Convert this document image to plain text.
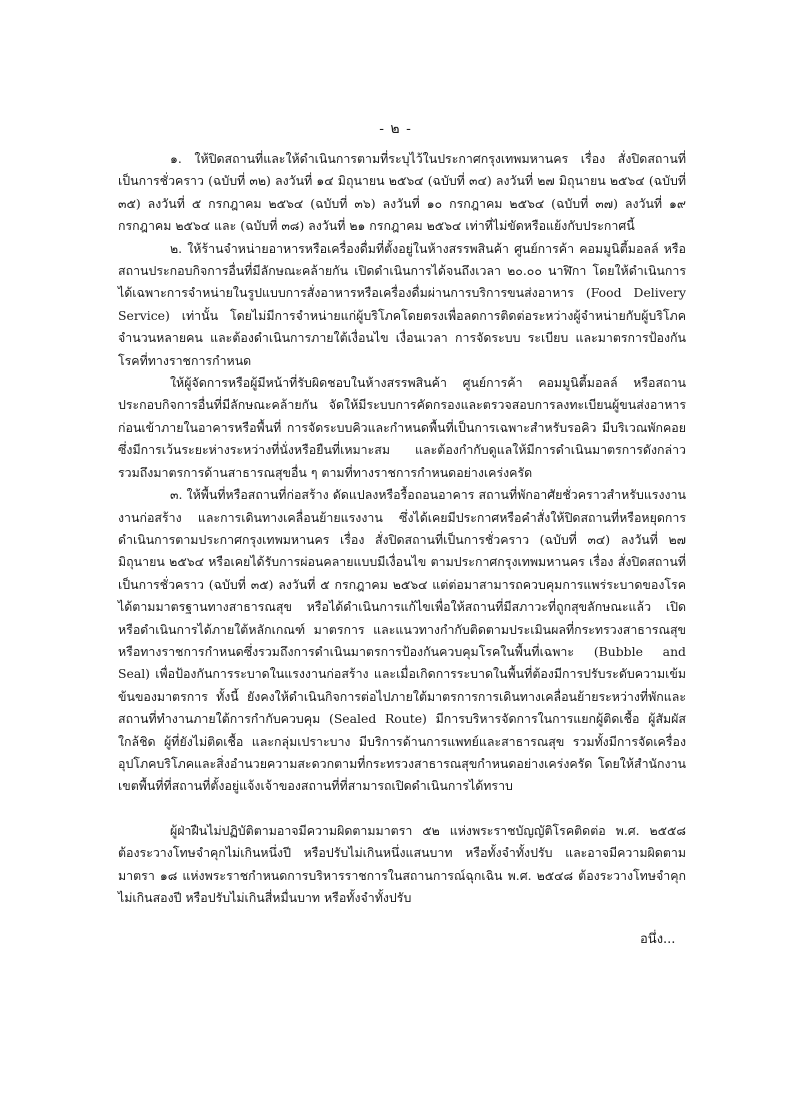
- ๒ -

๑. ให้ปิดสถานที่และให้ดำเนินการตามที่ระบุไว้ในประกาศกรุงเทพมหานคร เรื่อง สั่งปิดสถานที่เป็นการชั่วคราว (ฉบับที่ ๓๒) ลงวันที่ ๑๔ มิถุนายน ๒๕๖๔ (ฉบับที่ ๓๔) ลงวันที่ ๒๗ มิถุนายน ๒๕๖๔ (ฉบับที่ ๓๕) ลงวันที่ ๕ กรกฎาคม ๒๕๖๔ (ฉบับที่ ๓๖) ลงวันที่ ๑๐ กรกฎาคม ๒๕๖๔ (ฉบับที่ ๓๗) ลงวันที่ ๑๙ กรกฎาคม ๒๕๖๔ และ (ฉบับที่ ๓๘) ลงวันที่ ๒๑ กรกฎาคม ๒๕๖๔ เท่าที่ไม่ขัดหรือแย้งกับประกาศนี้

๒. ให้ร้านจำหน่ายอาหารหรือเครื่องดื่มที่ตั้งอยู่ในห้างสรรพสินค้า ศูนย์การค้า คอมมูนิตี้มอลล์ หรือสถานประกอบกิจการอื่นที่มีลักษณะคล้ายกัน เปิดดำเนินการได้จนถึงเวลา ๒๐.๐๐ นาฬิกา โดยให้ดำเนินการได้เฉพาะการจำหน่ายในรูปแบบการสั่งอาหารหรือเครื่องดื่มผ่านการบริการขนส่งอาหาร (Food Delivery Service) เท่านั้น โดยไม่มีการจำหน่ายแก่ผู้บริโภคโดยตรงเพื่อลดการติดต่อระหว่างผู้จำหน่ายกับผู้บริโภคจำนวนหลายคน และต้องดำเนินการภายใต้เงื่อนไข เงื่อนเวลา การจัดระบบ ระเบียบ และมาตรการป้องกันโรคที่ทางราชการกำหนด

ให้ผู้จัดการหรือผู้มีหน้าที่รับผิดชอบในห้างสรรพสินค้า ศูนย์การค้า คอมมูนิตี้มอลล์ หรือสถานประกอบกิจการอื่นที่มีลักษณะคล้ายกัน จัดให้มีระบบการคัดกรองและตรวจสอบการลงทะเบียนผู้ขนส่งอาหารก่อนเข้าภายในอาคารหรือพื้นที่ การจัดระบบคิวและกำหนดพื้นที่เป็นการเฉพาะสำหรับรอคิว มีบริเวณพักคอยซึ่งมีการเว้นระยะห่างระหว่างที่นั่งหรือยืนที่เหมาะสม และต้องกำกับดูแลให้มีการดำเนินมาตรการดังกล่าวรวมถึงมาตรการด้านสาธารณสุขอื่น ๆ ตามที่ทางราชการกำหนดอย่างเคร่งครัด

๓. ให้พื้นที่หรือสถานที่ก่อสร้าง ดัดแปลงหรือรื้อถอนอาคาร สถานที่พักอาศัยชั่วคราวสำหรับแรงงานงานก่อสร้าง และการเดินทางเคลื่อนย้ายแรงงาน ซึ่งได้เคยมีประกาศหรือคำสั่งให้ปิดสถานที่หรือหยุดการดำเนินการตามประกาศกรุงเทพมหานคร เรื่อง สั่งปิดสถานที่เป็นการชั่วคราว (ฉบับที่ ๓๔) ลงวันที่ ๒๗ มิถุนายน ๒๕๖๔ หรือเคยได้รับการผ่อนคลายแบบมีเงื่อนไข ตามประกาศกรุงเทพมหานคร เรื่อง สั่งปิดสถานที่เป็นการชั่วคราว (ฉบับที่ ๓๕) ลงวันที่ ๕ กรกฎาคม ๒๕๖๔ แต่ต่อมาสามารถควบคุมการแพร่ระบาดของโรคได้ตามมาตรฐานทางสาธารณสุข หรือได้ดำเนินการแก้ไขเพื่อให้สถานที่มีสภาวะที่ถูกสุขลักษณะแล้ว เปิดหรือดำเนินการได้ภายใต้หลักเกณฑ์ มาตรการ และแนวทางกำกับติดตามประเมินผลที่กระทรวงสาธารณสุขหรือทางราชการกำหนดซึ่งรวมถึงการดำเนินมาตรการป้องกันควบคุมโรคในพื้นที่เฉพาะ (Bubble and Seal) เพื่อป้องกันการระบาดในแรงงานก่อสร้าง และเมื่อเกิดการระบาดในพื้นที่ต้องมีการปรับระดับความเข้มข้นของมาตรการ ทั้งนี้ ยังคงให้ดำเนินกิจการต่อไปภายใต้มาตรการการเดินทางเคลื่อนย้ายระหว่างที่พักและสถานที่ทำงานภายใต้การกำกับควบคุม (Sealed Route) มีการบริหารจัดการในการแยกผู้ติดเชื้อ ผู้สัมผัสใกล้ชิด ผู้ที่ยังไม่ติดเชื้อ และกลุ่มเปราะบาง มีบริการด้านการแพทย์และสาธารณสุข รวมทั้งมีการจัดเครื่องอุปโภคบริโภคและสิ่งอำนวยความสะดวกตามที่กระทรวงสาธารณสุขกำหนดอย่างเคร่งครัด โดยให้สำนักงานเขตพื้นที่ที่สถานที่ตั้งอยู่แจ้งเจ้าของสถานที่ที่สามารถเปิดดำเนินการได้ทราบ

ผู้ฝ่าฝืนไม่ปฏิบัติตามอาจมีความผิดตามมาตรา ๕๒ แห่งพระราชบัญญัติโรคติดต่อ พ.ศ. ๒๕๕๘ ต้องระวางโทษจำคุกไม่เกินหนึ่งปี หรือปรับไม่เกินหนึ่งแสนบาท หรือทั้งจำทั้งปรับ และอาจมีความผิดตามมาตรา ๑๘ แห่งพระราชกำหนดการบริหารราชการในสถานการณ์ฉุกเฉิน พ.ศ. ๒๕๔๘ ต้องระวางโทษจำคุกไม่เกินสองปี หรือปรับไม่เกินสี่หมื่นบาท หรือทั้งจำทั้งปรับ

อนึ่ง...
